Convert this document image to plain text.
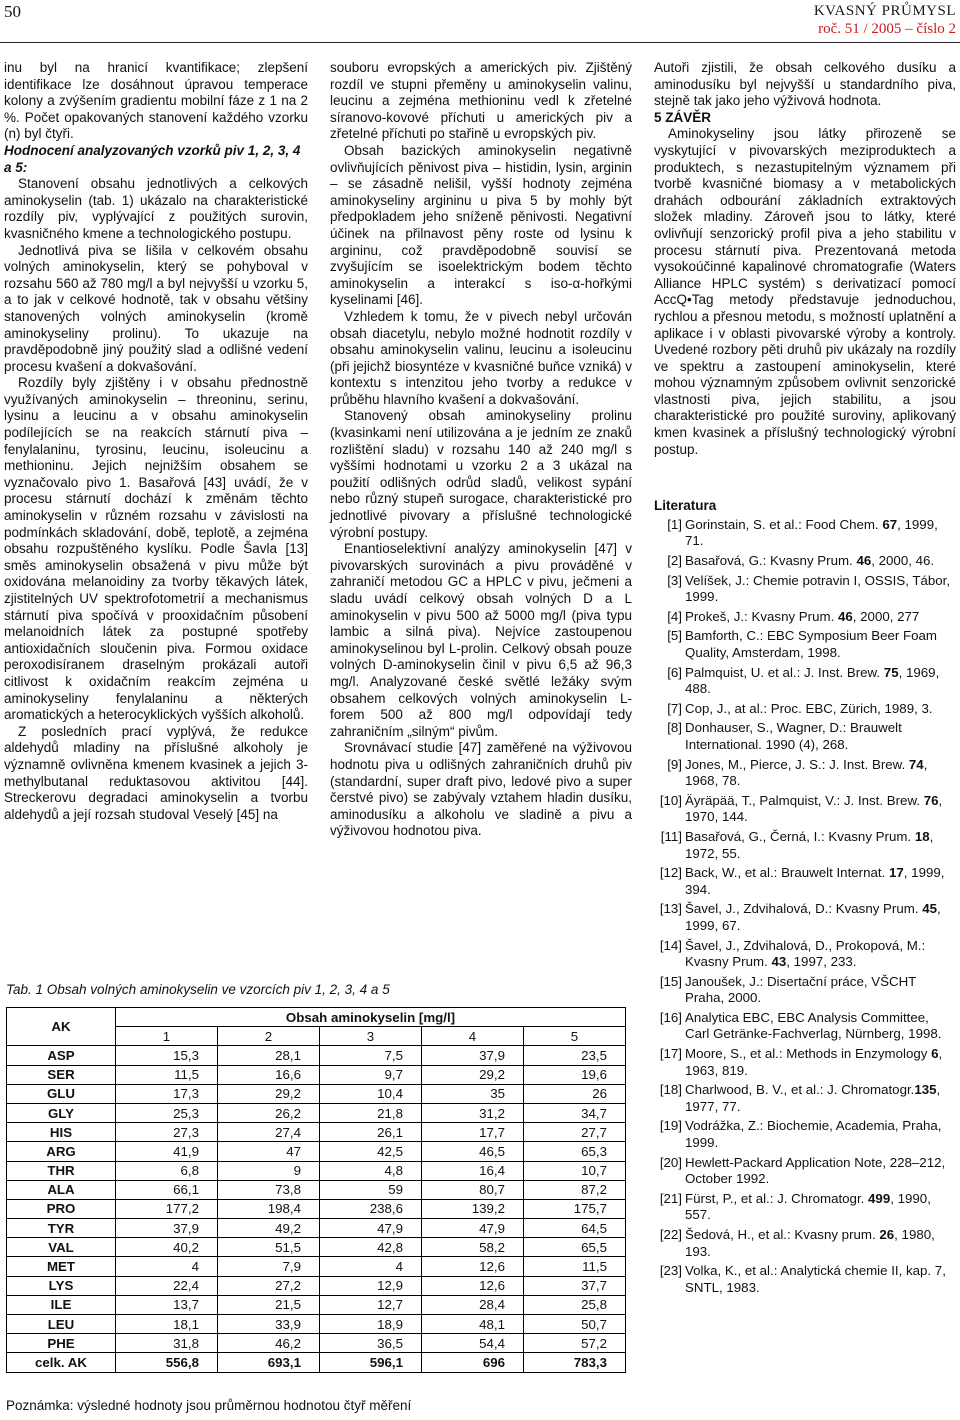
50	KVASNÝ PRŮMYSL
roč. 51 / 2005 – číslo 2

inu byl na hranicí kvantifikace; zlepšení identifikace lze dosáhnout úpravou temperace kolony a zvýšením gradientu mobilní fáze z 1 na 2 %. Počet opakovaných stanovení každého vzorku (n) byl čtyři.

Hodnocení analyzovaných vzorků piv 1, 2, 3, 4 a 5:

Stanovení obsahu jednotlivých a celkových aminokyselin (tab. 1) ukázalo na charakteristické rozdíly piv, vyplývající z použitých surovin, kvasničného kmene a technologického postupu.

Jednotlivá piva se lišila v celkovém obsahu volných aminokyselin, který se pohyboval v rozsahu 560 až 780 mg/l a byl nejvyšší u vzorku 5, a to jak v celkové hodnotě, tak v obsahu většiny stanovených volných aminokyselin (kromě aminokyseliny prolinu). To ukazuje na pravděpodobně jiný použitý slad a odlišné vedení procesu kvašení a dokvašování.

Rozdíly byly zjištěny i v obsahu přednostně využívaných aminokyselin – threoninu, serinu, lysinu a leucinu a v obsahu aminokyselin podílejících se na reakcích stárnutí piva – fenylalaninu, tyrosinu, leucinu, isoleucinu a methioninu. Jejich nejnižším obsahem se vyznačovalo pivo 1. Basařová [43] uvádí, že v procesu stárnutí dochází k změnám těchto aminokyselin v různém rozsahu v závislosti na podmínkách skladování, době, teplotě, a zejména obsahu rozpuštěného kyslíku. Podle Šavla [13] směs aminokyselin obsažená v pivu může být oxidována melanoidiny za tvorby těkavých látek, zjistitelných UV spektrofotometrií a mechanismus stárnutí piva spočívá v prooxidačním působení melanoidních látek za postupné spotřeby antioxidačních sloučenin piva. Formou oxidace peroxodisíranem draselným prokázali autoři citlivost k oxidačním reakcím zejména u aminokyseliny fenylalaninu a některých aromatických a heterocyklických vyšších alkoholů.

Z posledních prací vyplývá, že redukce aldehydů mladiny na příslušné alkoholy je významně ovlivněna kmenem kvasinek a jejich 3-methylbutanal reduktasovou aktivitou [44]. Streckerovu degradaci aminokyselin a tvorbu aldehydů a její rozsah studoval Veselý [45] na

souboru evropských a amerických piv. Zjištěný rozdíl ve stupni přeměny u aminokyselin valinu, leucinu a zejména methioninu vedl k zřetelné síranovo-kovové příchuti u amerických piv a zřetelné příchuti po stařině u evropských piv.

Obsah bazických aminokyselin negativně ovlivňujících pěnivost piva – histidin, lysin, arginin – se zásadně nelišil, vyšší hodnoty zejména aminokyseliny argininu u piva 5 by mohly být předpokladem jeho sníženě pěnivosti. Negativní účinek na přilnavost pěny roste od lysinu k argininu, což pravděpodobně souvisí se zvyšujícím se isoelektrickým bodem těchto aminokyselin a interakcí s iso-α-hořkými kyselinami [46].

Vzhledem k tomu, že v pivech nebyl určován obsah diacetylu, nebylo možné hodnotit rozdíly v obsahu aminokyselin valinu, leucinu a isoleucinu (při jejichž biosyntéze v kvasničné buňce vzniká) v kontextu s intenzitou jeho tvorby a redukce v průběhu hlavního kvašení a dokvašování.

Stanovený obsah aminokyseliny prolinu (kvasinkami není utilizována a je jedním ze znaků rozlištění sladu) v rozsahu 140 až 240 mg/l s vyššími hodnotami u vzorku 2 a 3 ukázal na použití odlišných odrůd sladů, velikost sypání nebo různý stupeň surogace, charakteristické pro jednotlivé pivovary a příslušné technologické výrobní postupy.

Enantioselektivní analýzy aminokyselin [47] v pivovarských surovinách a pivu prováděné v zahraničí metodou GC a HPLC v pivu, ječmeni a sladu uvádí celkový obsah volných D a L aminokyselin v pivu 500 až 5000 mg/l (piva typu lambic a silná piva). Nejvíce zastoupenou aminokyselinou byl L-prolin. Celkový obsah pouze volných D-aminokyselin činil v pivu 6,5 až 96,3 mg/l. Analyzované české světlé ležáky svým obsahem celkových volných aminokyselin L- forem 500 až 800 mg/l odpovídají tedy zahraničním „silným“ pivům.

Srovnávací studie [47] zaměřené na výživovou hodnotu piva u odlišných zahraničních druhů piv (standardní, super draft pivo, ledové pivo a super čerstvé pivo) se zabývaly vztahem hladin dusíku, aminodusíku a alkoholu ve sladině a pivu a výživovou hodnotou piva.

Autoři zjistili, že obsah celkového dusíku a aminodusíku byl nejvyšší u standardního piva, stejně tak jako jeho výživová hodnota.

5 ZÁVĚR

Aminokyseliny jsou látky přirozeně se vyskytující v pivovarských meziproduktech a produktech, s nezastupitelným významem při tvorbě kvasničné biomasy a v metabolických drahách odbourání základních extraktových složek mladiny. Zároveň jsou to látky, které ovlivňují senzorický profil piva a jeho stabilitu v procesu stárnutí piva. Prezentovaná metoda vysokoúčinné kapalinové chromatografie (Waters Alliance HPLC systém) s derivatizací pomocí AccQ•Tag metody představuje jednoduchou, rychlou a přesnou metodu, s možností uplatnění a aplikace i v oblasti pivovarské výroby a kontroly. Uvedené rozbory pěti druhů piv ukázaly na rozdíly ve spektru a zastoupení aminokyselin, které mohou významným způsobem ovlivnit senzorické vlastnosti piva, jejich stabilitu, a jsou charakteristické pro použité suroviny, aplikovaný kmen kvasinek a příslušný technologický výrobní postup.

Literatura
[1] Gorinstain, S. et al.: Food Chem. 67, 1999, 71.
[2] Basařová, G.: Kvasny Prum. 46, 2000, 46.
[3] Velíšek, J.: Chemie potravin I, OSSIS, Tábor, 1999.
[4] Prokeš, J.: Kvasny Prum. 46, 2000, 277
[5] Bamforth, C.: EBC Symposium Beer Foam Quality, Amsterdam, 1998.
[6] Palmquist, U. et al.: J. Inst. Brew. 75, 1969, 488.
[7] Cop, J., at al.: Proc. EBC, Zürich, 1989, 3.
[8] Donhauser, S., Wagner, D.: Brauwelt International. 1990 (4), 268.
[9] Jones, M., Pierce, J. S.: J. Inst. Brew. 74, 1968, 78.
[10] Äyräpää, T., Palmquist, V.: J. Inst. Brew. 76, 1970, 144.
[11] Basařová, G., Černá, I.: Kvasny Prum. 18, 1972, 55.
[12] Back, W., et al.: Brauwelt Internat. 17, 1999, 394.
[13] Šavel, J., Zdvihalová, D.: Kvasny Prum. 45, 1999, 67.
[14] Šavel, J., Zdvihalová, D., Prokopová, M.: Kvasny Prum. 43, 1997, 233.
[15] Janoušek, J.: Disertační práce, VŠCHT Praha, 2000.
[16] Analytica EBC, EBC Analysis Committee, Carl Getränke-Fachverlag, Nürnberg, 1998.
[17] Moore, S., et al.: Methods in Enzymology 6, 1963, 819.
[18] Charlwood, B. V., et al.: J. Chromatogr.135, 1977, 77.
[19] Vodrážka, Z.: Biochemie, Academia, Praha, 1999.
[20] Hewlett-Packard Application Note, 228–212, October 1992.
[21] Fürst, P., et al.: J. Chromatogr. 499, 1990, 557.
[22] Šedová, H., et al.: Kvasny prum. 26, 1980, 193.
[23] Volka, K., et al.: Analytická chemie II, kap. 7, SNTL, 1983.
Tab. 1 Obsah volných aminokyselin ve vzorcích piv 1, 2, 3, 4 a 5
AK	Obsah aminokyselin [mg/l]				
	1	2	3	4	5
ASP	15,3	28,1	7,5	37,9	23,5
SER	11,5	16,6	9,7	29,2	19,6
GLU	17,3	29,2	10,4	35	26
GLY	25,3	26,2	21,8	31,2	34,7
HIS	27,3	27,4	26,1	17,7	27,7
ARG	41,9	47	42,5	46,5	65,3
THR	6,8	9	4,8	16,4	10,7
ALA	66,1	73,8	59	80,7	87,2
PRO	177,2	198,4	238,6	139,2	175,7
TYR	37,9	49,2	47,9	47,9	64,5
VAL	40,2	51,5	42,8	58,2	65,5
MET	4	7,9	4	12,6	11,5
LYS	22,4	27,2	12,9	12,6	37,7
ILE	13,7	21,5	12,7	28,4	25,8
LEU	18,1	33,9	18,9	48,1	50,7
PHE	31,8	46,2	36,5	54,4	57,2
celk. AK	556,8	693,1	596,1	696	783,3
Poznámka: výsledné hodnoty jsou průměrnou hodnotou čtyř měření
